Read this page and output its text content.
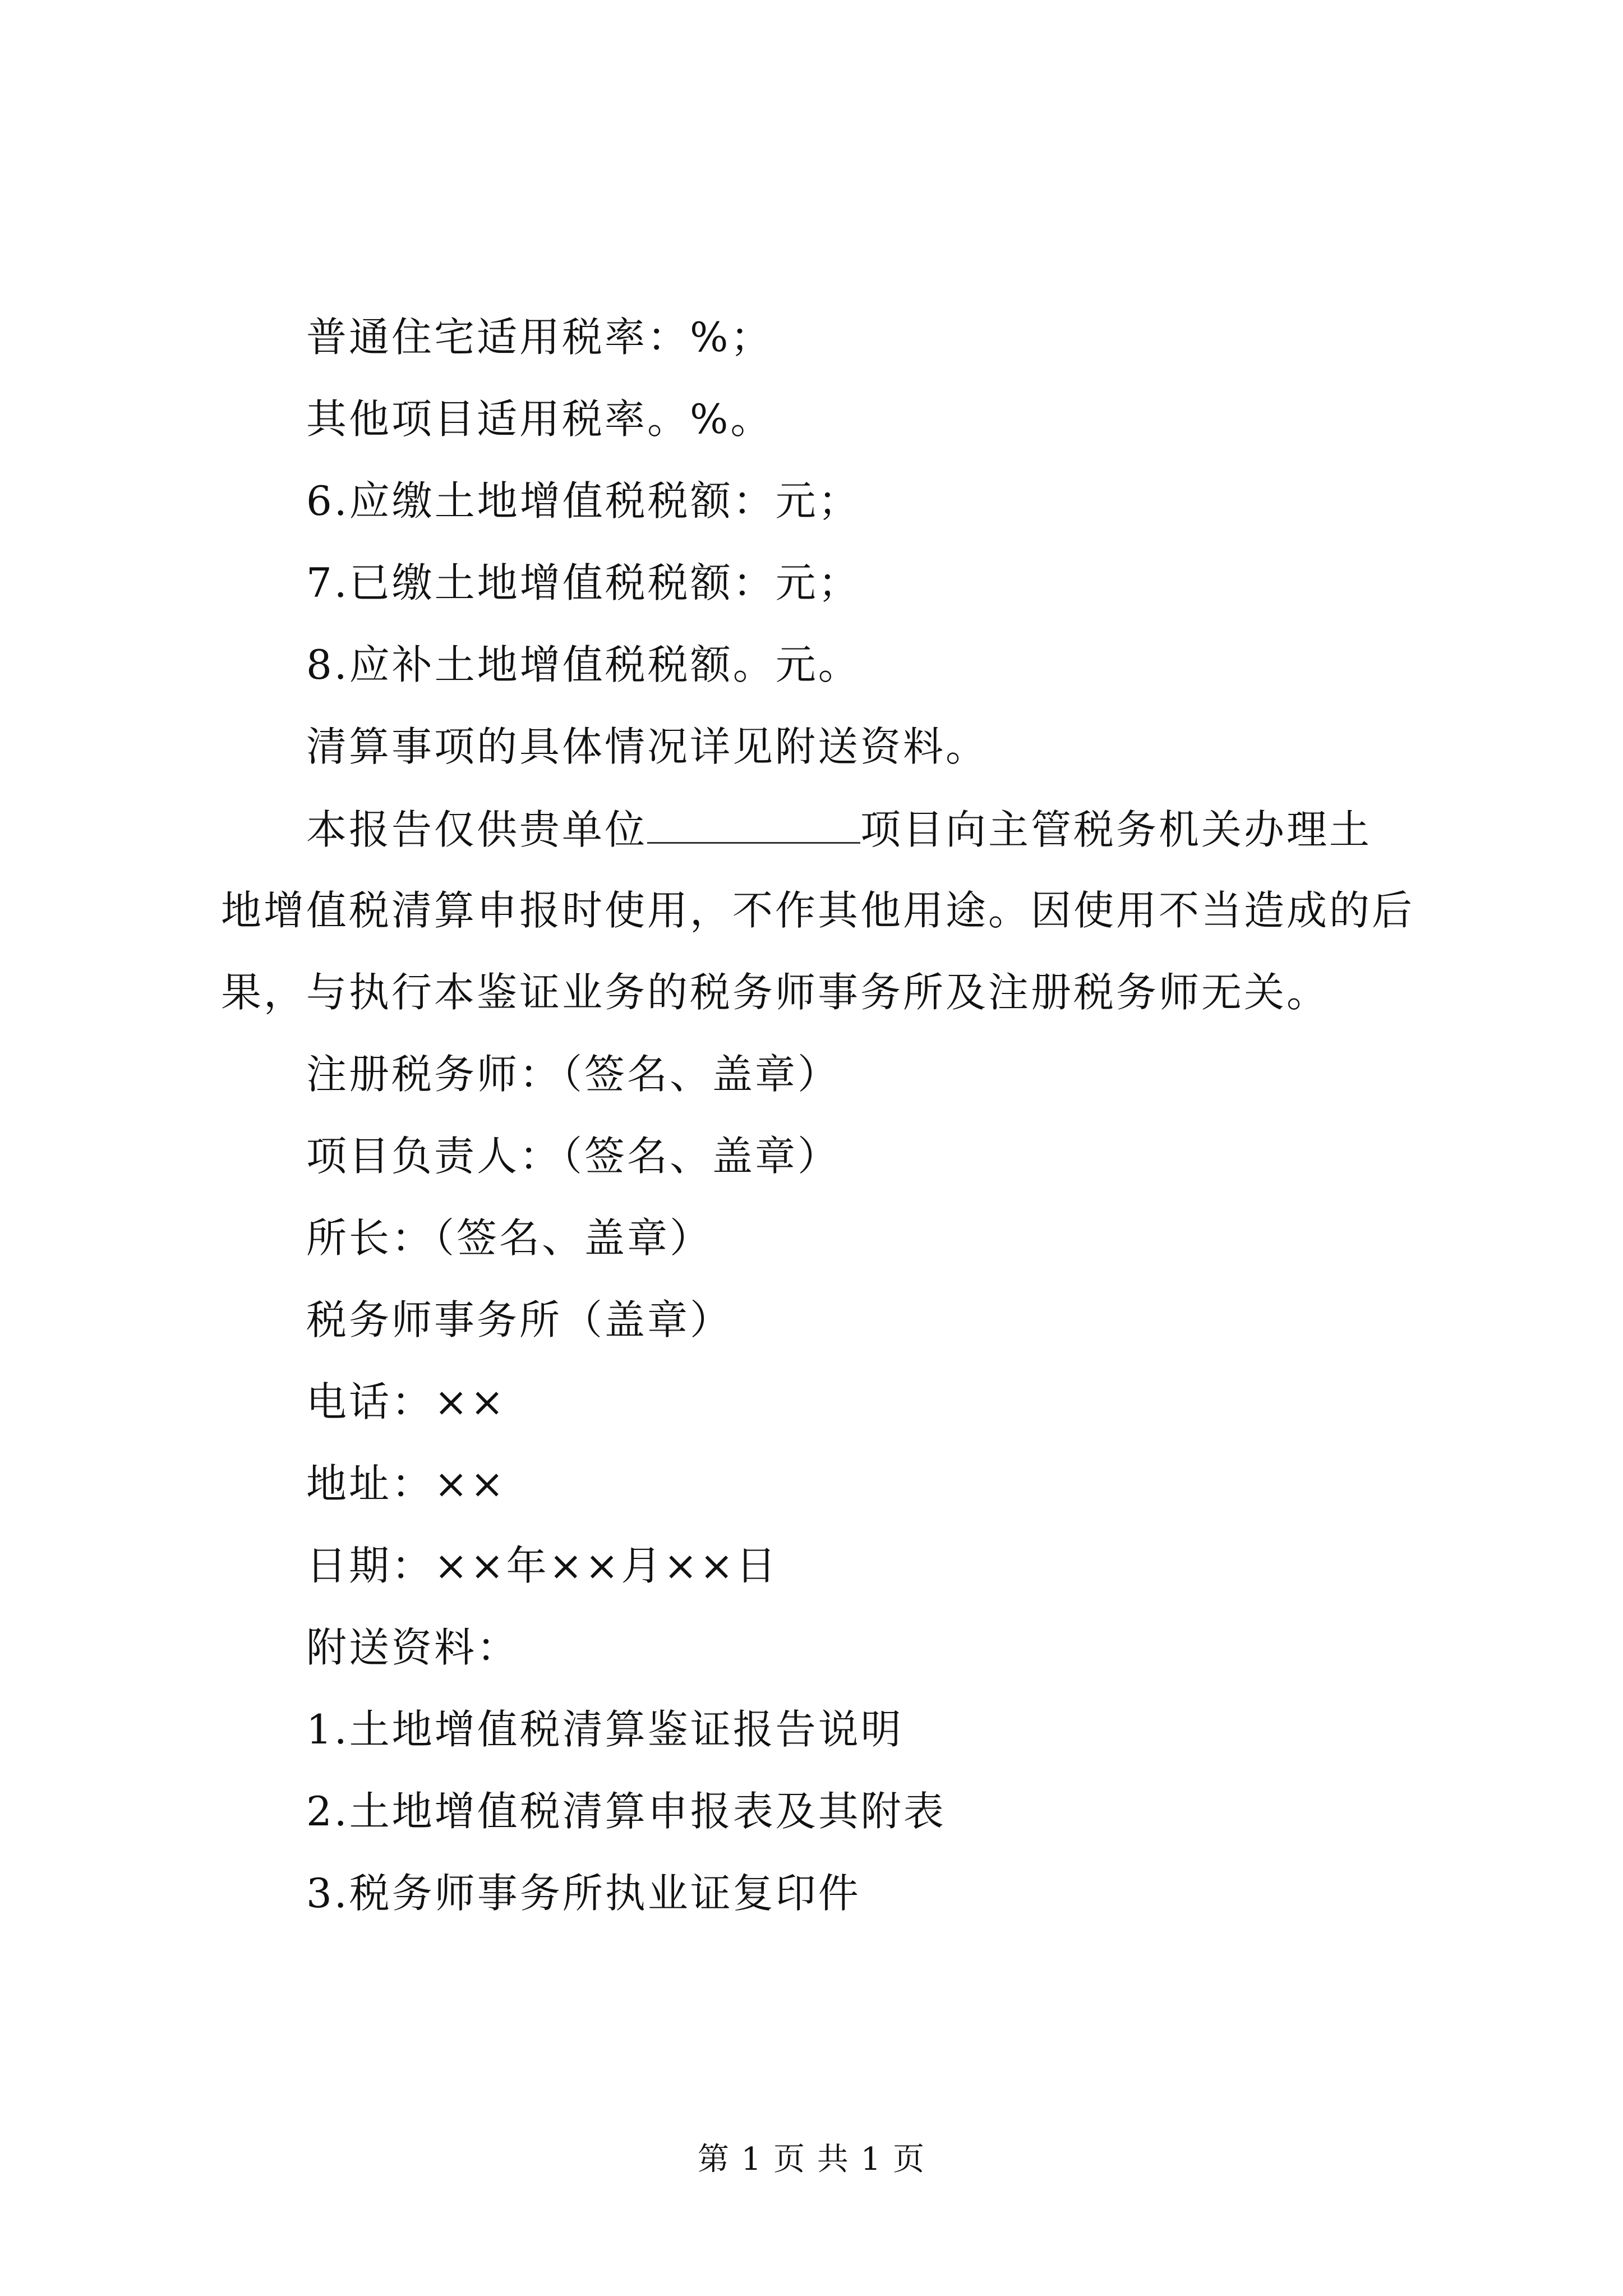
普通住宅适用税率：%；
其他项目适用税率。%。
6.应缴土地增值税税额：元；
7.已缴土地增值税税额：元；
8.应补土地增值税税额。元。
清算事项的具体情况详见附送资料。
本报告仅供贵单位	项目向主管税务机关办理土
地增值税清算申报时使用，不作其他用途。因使用不当造成的后
果，与执行本鉴证业务的税务师事务所及注册税务师无关。
注册税务师：（签名、盖章）
项目负责人：（签名、盖章）
所长：（签名、盖章）
税务师事务所（盖章）
电话：××
地址：××
日期：××年××月××日
附送资料：
1.土地增值税清算鉴证报告说明
2.土地增值税清算申报表及其附表
3.税务师事务所执业证复印件
第 1 页 共 1 页
